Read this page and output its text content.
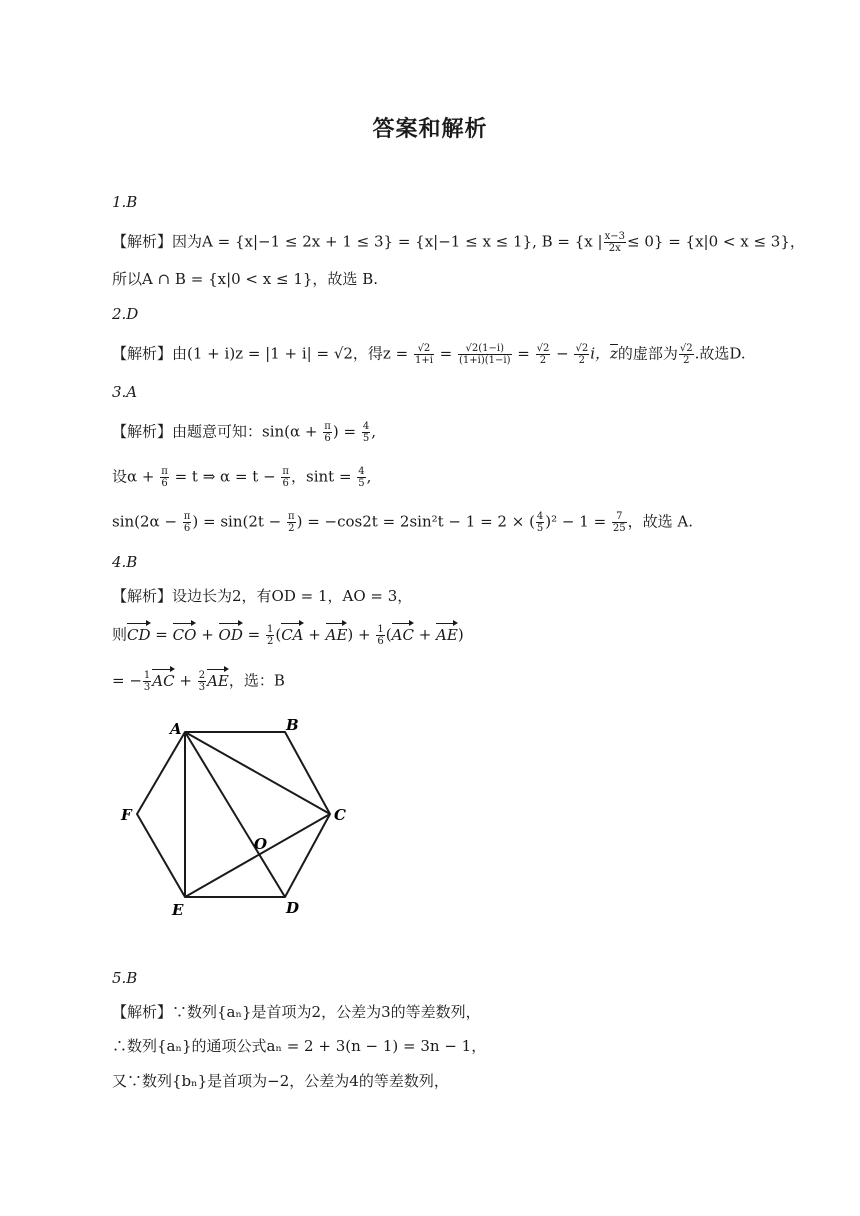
答案和解析
1.B
【解析】因为A = {x|−1 ≤ 2x + 1 ≤ 3} = {x|−1 ≤ x ≤ 1}, B = {x | $\frac{x-3}{2x} \le 0\} = \{x|0 < x \le 3\}$，
所以A ∩ B = {x|0 < x ≤ 1}，故选 B.
2.D
【解析】由(1 + i)z = |1 + i| = √2，得$z = \frac{√2}{1+i} = \frac{√2(1-i)}{(1+i)(1-i)} = \frac{√2}{2} - \frac{√2}{2}$ i，$\overline{z}$的虚部为 $\frac{√2}{2}$ .故选D.
3.A
【解析】由题意可知：$\sin(\alpha + \frac{\pi}{6}$ ) = $\frac{4}{5}$ ,
设$\alpha + \frac{\pi}{6} = t$ ⇒ $\alpha = t - \frac{\pi}{6}$ ，$\sin t = \frac{4}{5}$ ,
$\sin(2\alpha - \frac{\pi}{6}$ ) = $\sin(2t - \frac{\pi}{2}$ ) = −cos2t = 2sin²t − 1 = 2 × ( $\frac{4}{5} )^2 - 1 = \frac{7}{25}$ ，故选 A.
4.B
【解析】设边长为2，有OD = 1，AO = 3，
则CD = CO + OD = $\frac{1}{2} (CA + AE) + \frac{1}{6} (AC + AE)$
= − $\frac{1}{3}$ AC + $\frac{2}{3}$ AE，选：B
A	B
C
D
E
F
O
5.B
【解析】∵数列{aₙ}是首项为2，公差为3的等差数列，
∴数列{aₙ}的通项公式aₙ = 2 + 3(n − 1) = 3n − 1，
又∵数列{bₙ}是首项为−2，公差为4的等差数列，
